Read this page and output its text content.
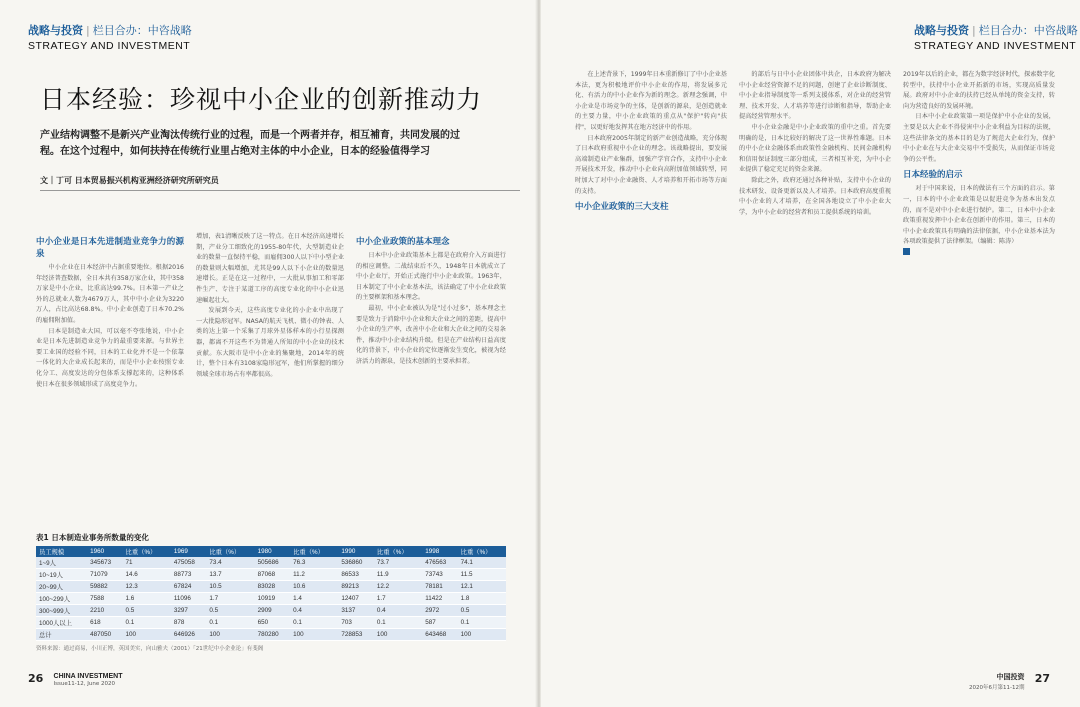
战略与投资 | 栏目合办：中咨战略
STRATEGY AND INVESTMENT
日本经验：珍视中小企业的创新推动力
产业结构调整不是新兴产业淘汰传统行业的过程，而是一个两者并存，相互補育，共同发展的过程。在这个过程中，如何扶持在传统行业里占绝对主体的中小企业，日本的经验值得学习
文｜丁可 日本贸易振兴机构亚洲经济研究所研究员
中小企业是日本先进制造业竞争力的源泉

中小企业在日本经济中占据重要地位。根据2016年经济普查数据，全日本共有358万家企业，其中358万家是中小企业，比重高达99.7%。日本第一产业之外的总就业人数为4679万人，其中中小企业为3220万人，占比高达68.8%。中小企业创造了日本70.2%的雇佣附加值。

日本是制造业大国，可以毫不夸张地说，中小企业是日本先进制造业竞争力的最重要来源。与世界主要工业国的经验不同，日本的工业化并不是一个依靠一体化的大企业成长起来的，而是中小企业按照专业化分工、高度发达的分包体系支撑起来的，这种体系使日本在很多领域形成了高度竞争力。

增加，表1清晰反映了这一特点。在日本经济高速增长期，产业分工细致化的1955-80年代，大型制造业企业的数量一直保持平稳，而雇佣300人以下中小型企业的数量则大幅增加，尤其是99人以下小企业的数量迅速增长。正是在这一过程中，一大批从事加工和零部件生产、专注于某道工序的高度专业化的中小企业迅速崛起壮大。

发展到今天，这些高度专业化的小企业中出现了一大批隐形冠军。NASA的航天飞机、微小的钟表、人类的达上第一个采集了月球外星体样本的小行星探测器，都离不开这些不为普通人所知的中小企业的技术贡献。东大阪市是中小企业的集聚地，2014年的统计，整个日本有3108家隐形冠军，他们所掌握的细分领域全球市场占有率都很高。

中小企业政策的基本理念

日本中小企业政策基本上都是在政府介入方面进行的相应调整。二战结束后不久，1948年日本就成立了中小企业厅，开始正式施行中小企业政策。1963年，日本制定了中小企业基本法，该法确定了中小企业政策的主要框架和基本理念。

最初，中小企业被认为是"过小过多"，基本理念主要是致力于消除中小企业和大企业之间的差距，提高中小企业的生产率，改善中小企业和大企业之间的交易条件，推动中小企业结构升级。但是在产业结构日益高度化的背景下，中小企业的定位逐渐发生变化，被视为经济活力的源泉，是技术创新的主要承担者。

表1 日本制造业事务所数量的变化
员工规模	1960	比重（%）	1969	比重（%）	1980	比重（%）	1990	比重（%）	1998	比重（%）
1~9人	345673	71	475058	73.4	505686	76.3	536860	73.7	476563	74.1
10~19人	71079	14.6	88773	13.7	87068	11.2	86533	11.9	73743	11.5
20~99人	59882	12.3	67824	10.5	83028	10.6	89213	12.2	78181	12.1
100~299人	7588	1.6	11096	1.7	10919	1.4	12407	1.7	11422	1.8
300~999人	2210	0.5	3297	0.5	2909	0.4	3137	0.4	2972	0.5
1000人以上	618	0.1	878	0.1	650	0.1	703	0.1	587	0.1
总计	487050	100	646926	100	780280	100	728853	100	643468	100
资料来源：通过商易，小川正博，英国美实，向山雅夫（2001）「21世纪中小企业论」有斐阁
26 CHINA INVESTMENT
Issue11-12, June 2020
战略与投资 | 栏目合办：中咨战略
STRATEGY AND INVESTMENT

在上述背景下，1999年日本重新修订了中小企业基本法，更为积极地评价中小企业的作用，将发展多元化、有活力的中小企业作为新的理念。新理念强调，中小企业是市场竞争的主体，是创新的源泉，是创造就业的主要力量，中小企业政策的重点从"保护"转向"扶持"，以更好地发挥其在地方经济中的作用。

日本政府2005年制定的新产业创造战略，充分体现了日本政府重视中小企业的理念。该战略提出，要发展高端制造业产业集群，加强产学官合作，支持中小企业开展技术开发，推动中小企业向高附加值领域转型，同时加大了对中小企业融资、人才培养和开拓市场等方面的支持。

中小企业政策的三大支柱

的部后与日中小企业团体中共企，日本政府为解决中小企业经营资源不足的问题，创建了企业诊断制度、中小企业指导制度等一系列支援体系，对企业的经营管理、技术开发、人才培养等进行诊断和指导，帮助企业提高经营管理水平。

中小企业金融是中小企业政策的重中之重。首先要明确的是，日本比较好的解决了这一世界性难题。日本的中小企业金融体系由政策性金融机构、民间金融机构和信用保证制度三部分组成，三者相互补充，为中小企业提供了稳定充足的资金来源。

除此之外，政府还通过各种补贴，支持中小企业的技术研发、设备更新以及人才培养。日本政府高度重视中小企业的人才培养，在全国各地设立了中小企业大学，为中小企业的经营者和员工提供系统的培训。

2019年以后的企业，都在为数字经济时代，探索数字化转型中，扶持中小企业开拓新的市场，实现高质量发展。政府对中小企业的扶持已经从单纯的资金支持，转向为营造良好的发展环境。

日本中小企业政策第一项是保护中小企业的发展，主要是以大企业不得侵害中小企业利益为目标的法规，这些法律条文的基本目的是为了规范大企业行为，保护中小企业在与大企业交易中不受损失，从而保证市场竞争的公平性。

日本经验的启示

对于中国来说，日本的做法有三个方面的启示。第一，日本的中小企业政策是以促进竞争为基本出发点的，而不是对中小企业进行保护。第二，日本中小企业政策重视发挥中小企业在创新中的作用。第三，日本的中小企业政策具有明确的法律依据，中小企业基本法为各项政策提供了法律框架。（编辑：陈涛）

中国投资
2020年6月第11-12期
27
